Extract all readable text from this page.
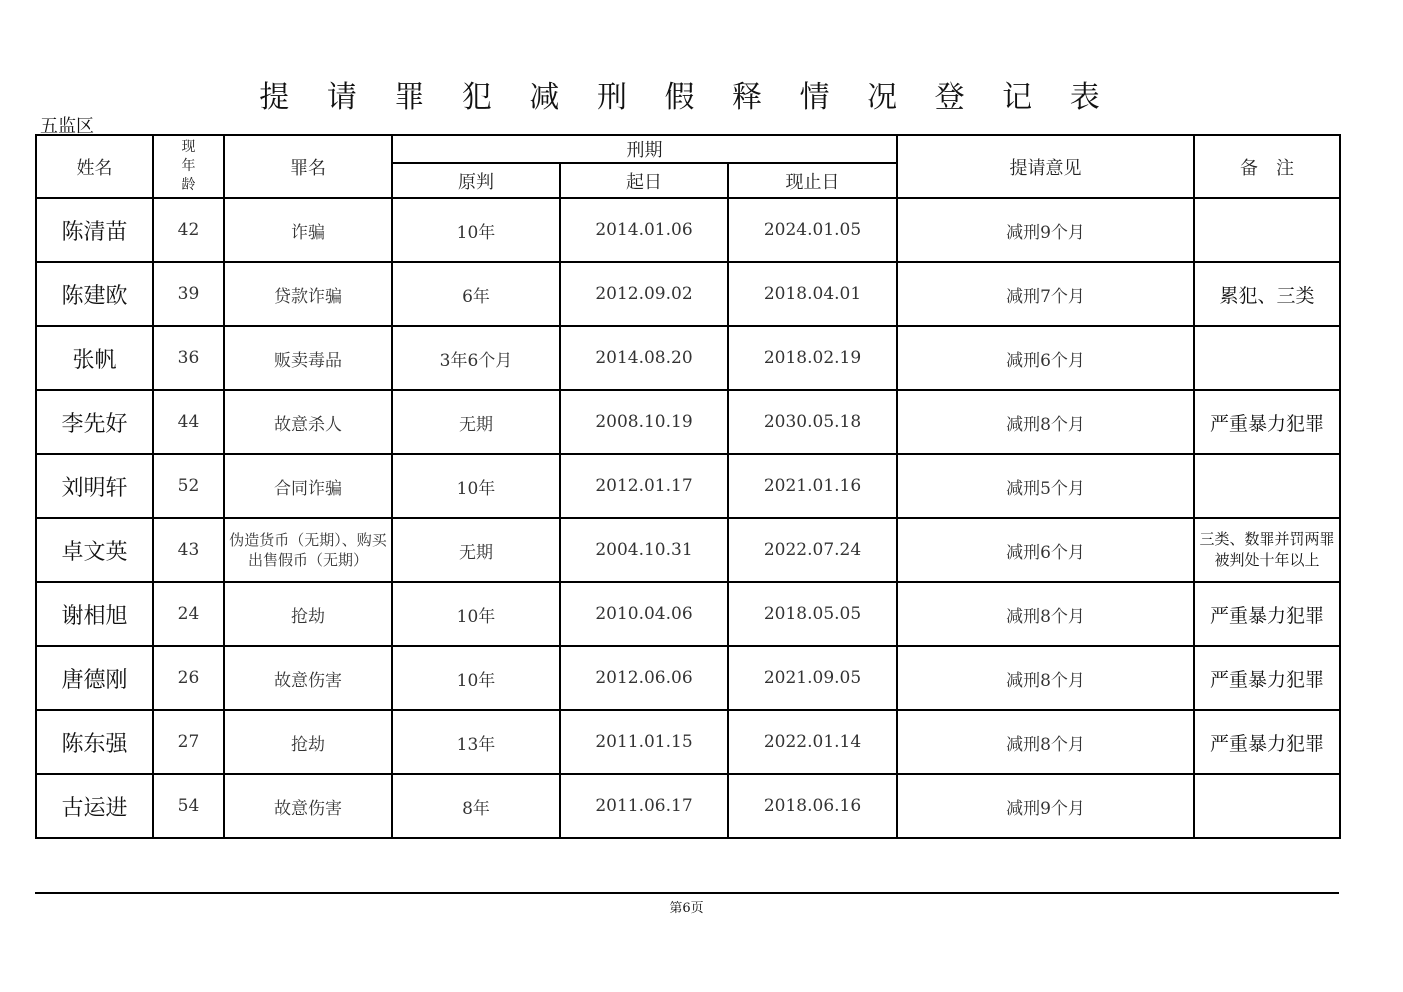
提 请 罪 犯 减 刑 假 释 情 况 登 记 表
五监区
姓名	现
年
龄	罪名	刑期			提请意见	备　注
			原判	起日	现止日		
陈清苗	42	诈骗	10年	2014.01.06	2024.01.05	减刑9个月	
陈建欧	39	贷款诈骗	6年	2012.09.02	2018.04.01	减刑7个月	累犯、三类
张帆	36	贩卖毒品	3年6个月	2014.08.20	2018.02.19	减刑6个月	
李先好	44	故意杀人	无期	2008.10.19	2030.05.18	减刑8个月	严重暴力犯罪
刘明轩	52	合同诈骗	10年	2012.01.17	2021.01.16	减刑5个月	
卓文英	43	伪造货币（无期）、购买出售假币（无期）	无期	2004.10.31	2022.07.24	减刑6个月	三类、数罪并罚两罪被判处十年以上
谢相旭	24	抢劫	10年	2010.04.06	2018.05.05	减刑8个月	严重暴力犯罪
唐德刚	26	故意伤害	10年	2012.06.06	2021.09.05	减刑8个月	严重暴力犯罪
陈东强	27	抢劫	13年	2011.01.15	2022.01.14	减刑8个月	严重暴力犯罪
古运进	54	故意伤害	8年	2011.06.17	2018.06.16	减刑9个月	
第6页
